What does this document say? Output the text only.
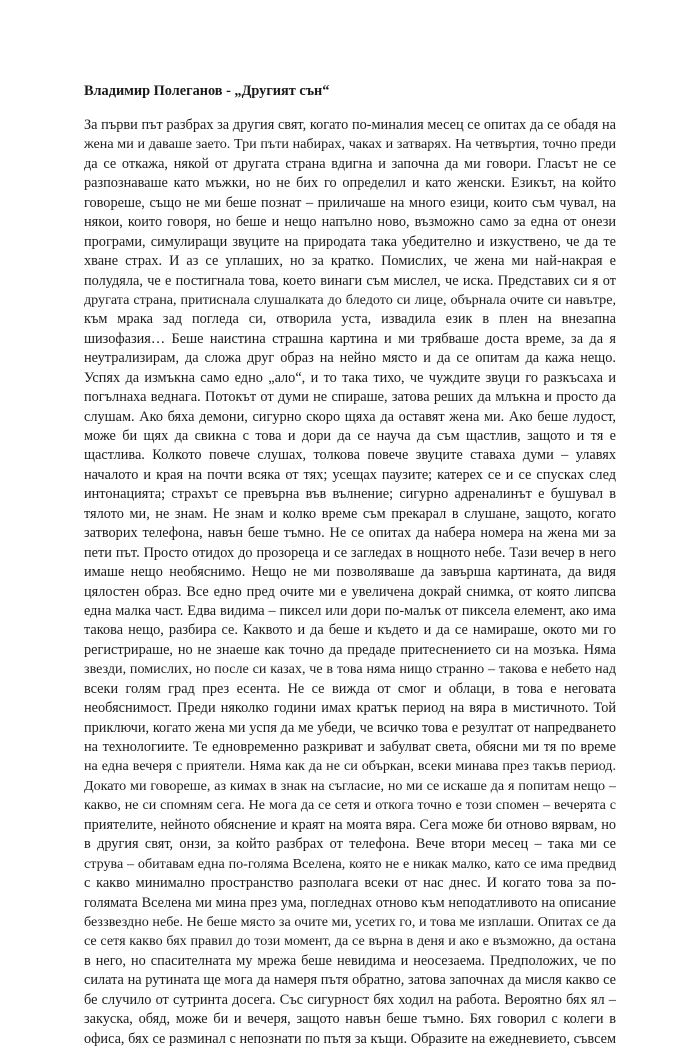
Владимир Полеганов - „Другият сън“
За първи път разбрах за другия свят, когато по-миналия месец се опитах да се обадя на
жена ми и даваше заето. Три пъти набирах, чаках и затварях. На четвъртия, точно преди
да се откажа, някой от другата страна вдигна и започна да ми говори. Гласът не се
разпознаваше като мъжки, но не бих го определил и като женски. Езикът, на който
говореше, също не ми беше познат – приличаше на много езици, които съм чувал, на
някои, които говоря, но беше и нещо напълно ново, възможно само за една от онези
програми, симулиращи звуците на природата така убедително и изкуствено, че да те
хване страх. И аз се уплаших, но за кратко. Помислих, че жена ми най-накрая е
полудяла, че е постигнала това, което винаги съм мислел, че иска. Представих си я от
другата страна, притиснала слушалката до бледото си лице, обърнала очите си навътре,
към мрака зад погледа си, отворила уста, извадила език в плен на внезапна
шизофазия… Беше наистина страшна картина и ми трябваше доста време, за да я
неутрализирам, да сложа друг образ на нейно място и да се опитам да кажа нещо.
Успях да измъкна само едно „ало“, и то така тихо, че чуждите звуци го разкъсаха и
погълнаха веднага. Потокът от думи не спираше, затова реших да млъкна и просто да
слушам. Ако бяха демони, сигурно скоро щяха да оставят жена ми. Ако беше лудост,
може би щях да свикна с това и дори да се науча да съм щастлив, защото и тя е
щастлива. Колкото повече слушах, толкова повече звуците ставаха думи – улавях
началото и края на почти всяка от тях; усещах паузите; катерех се и се спусках след
интонацията; страхът се превърна във вълнение; сигурно адреналинът е бушувал в
тялото ми, не знам. Не знам и колко време съм прекарал в слушане, защото, когато
затворих телефона, навън беше тъмно. Не се опитах да набера номера на жена ми за
пети път. Просто отидох до прозореца и се загледах в нощното небе. Тази вечер в него
имаше нещо необяснимо. Нещо не ми позволяваше да завърша картината, да видя
цялостен образ. Все едно пред очите ми е увеличена докрай снимка, от която липсва
една малка част. Едва видима – пиксел или дори по-малък от пиксела елемент, ако има
такова нещо, разбира се. Каквото и да беше и където и да се намираше, окото ми го
регистрираше, но не знаеше как точно да предаде притеснението си на мозъка. Няма
звезди, помислих, но после си казах, че в това няма нищо странно – такова е небето над
всеки голям град през есента. Не се вижда от смог и облаци, в това е неговата
необяснимост. Преди няколко години имах кратък период на вяра в мистичното. Той
приключи, когато жена ми успя да ме убеди, че всичко това е резултат от напредването
на технологиите. Те едновременно разкриват и забулват света, обясни ми тя по време
на една вечеря с приятели. Няма как да не си объркан, всеки минава през такъв период.
Докато ми говореше, аз кимах в знак на съгласие, но ми се искаше да я попитам нещо –
какво, не си спомням сега. Не мога да се сетя и откога точно е този спомен – вечерята с
приятелите, нейното обяснение и краят на моята вяра. Сега може би отново вярвам, но
в другия свят, онзи, за който разбрах от телефона. Вече втори месец – така ми се
струва – обитавам една по-голяма Вселена, която не е никак малко, като се има предвид
с какво минимално пространство разполага всеки от нас днес. И когато това за по-
голямата Вселена ми мина през ума, погледнах отново към неподатливото на описание
беззвездно небе. Не беше място за очите ми, усетих го, и това ме изплаши. Опитах се да
се сетя какво бях правил до този момент, да се върна в деня и ако е възможно, да остана
в него, но спасителната му мрежа беше невидима и неосезаема. Предположих, че по
силата на рутината ще мога да намеря пътя обратно, затова започнах да мисля какво се
бе случило от сутринта досега. Със сигурност бях ходил на работа. Вероятно бях ял –
закуска, обяд, може би и вечеря, защото навън беше тъмно. Бях говорил с колеги в
офиса, бях се разминал с непознати по пътя за къщи. Образите на ежедневието, съвсем
